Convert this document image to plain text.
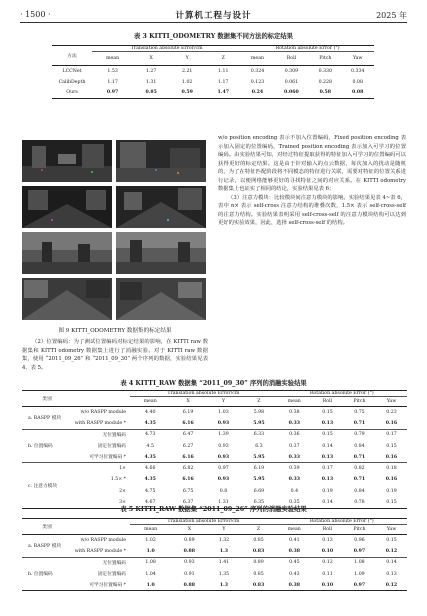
· 1500 ·	计算机工程与设计	2025 年
表 3 KITTI_ODOMETRY 数据集不同方法的标定结果
方法	Translation absolute Error/cm				Rotation absolute Error (°)			
	mean	X	Y	Z	mean	Roll	Pitch	Yaw
LCCNet	1.53	1.27	2.21	1.11	0.324	0.309	0.330	0.334
CalibDepth	1.17	1.31	1.02	1.17	0.123	0.061	0.228	0.08
Ours	0.97	0.85	0.59	1.47	0.24	0.060	0.58	0.08
图 9 KITTI_ODOMETRY 数据集的标定结果

（2）位置编码：为了测试位置编码对标定结果的影响，在 KITTI raw 数据集和 KITTI odometry 数据集上进行了消融实验。对于 KITTI raw 数据集，使用 “2011_09_26” 和 “2011_09_30” 两个序列的数据，实验结果见表 4、表 5。

w/o position encoding 表示不加入位置编码，Fixed position encoding 表示加入固定的位置编码，Trained position encoding 表示加入可学习的位置编码。由实验结果可知，对经过特征提取获得的特征加入可学习的位置编码可以获得更好的标定结果。这是由于针对输入的点云数据，每次加入的扰动是随机的，为了在特征匹配阶段将不同模态的特征进行关联，需要对特征的位置关系进行记录，以便网络能够更好的寻找特征之间的对应关系。在 KITTI odometry 数据集上也证实了相同的结论，实验结果见表 6；

（3）注意力模块：比较模块间注意力模块的影响。实验结果见表 4~表 6，表中 n× 表示 self-cross 注意力结构的堆叠次数，1.5× 表示 self-cross-self 的注意力结构。实验结果表明采用 self-cross-self 的注意力模块结构可以达到更好的实验效果，因此，选择 self-cross-self 的结构。

表 4 KITTI_RAW 数据集 “2011_09_30” 序列的消融实验结果
类别		Translation absolute Error/cm				Rotation absolute Error (°)			
		mean	X	Y	Z	mean	Roll	Pitch	Yaw
a. RASPP 模块	w/o RASPP module	4.40	6.19	1.03	5.98	0.38	0.15	0.75	0.23
	with RASPP module *	4.35	6.16	0.93	5.95	0.33	0.13	0.71	0.16
b. 位置编码	无位置编码	4.73	6.47	1.39	6.33	0.36	0.15	0.79	0.17
	固定位置编码	4.5	6.27	0.93	6.3	0.37	0.14	0.84	0.15
	可学习位置编码 *	4.35	6.16	0.93	5.95	0.33	0.13	0.71	0.16
c. 注意力模块	1×	4.66	6.82	0.97	6.19	0.39	0.17	0.82	0.18
	1.5× *	4.35	6.16	0.93	5.95	0.33	0.13	0.71	0.16
	2×	4.75	6.75	0.8	6.69	0.4	0.19	0.84	0.19
	3×	4.67	6.37	1.31	6.35	0.35	0.14	0.78	0.15
表 5 KITTI_RAW 数据集 “2011_09_26” 序列的消融实验结果
类别		Translation absolute Error/cm				Rotation absolute Error (°)			
		mean	X	Y	Z	mean	Roll	Pitch	Yaw
a. RASPP 模块	w/o RASPP module	1.02	0.89	1.32	0.85	0.41	0.13	0.96	0.15
	with RASPP module *	1.0	0.88	1.3	0.83	0.38	0.10	0.97	0.12
b. 位置编码	无位置编码	1.08	0.93	1.41	0.89	0.45	0.12	1.08	0.14
	固定位置编码	1.04	0.91	1.35	0.85	0.43	0.11	1.09	0.13
	可学习位置编码 *	1.0	0.88	1.3	0.83	0.38	0.10	0.97	0.12
